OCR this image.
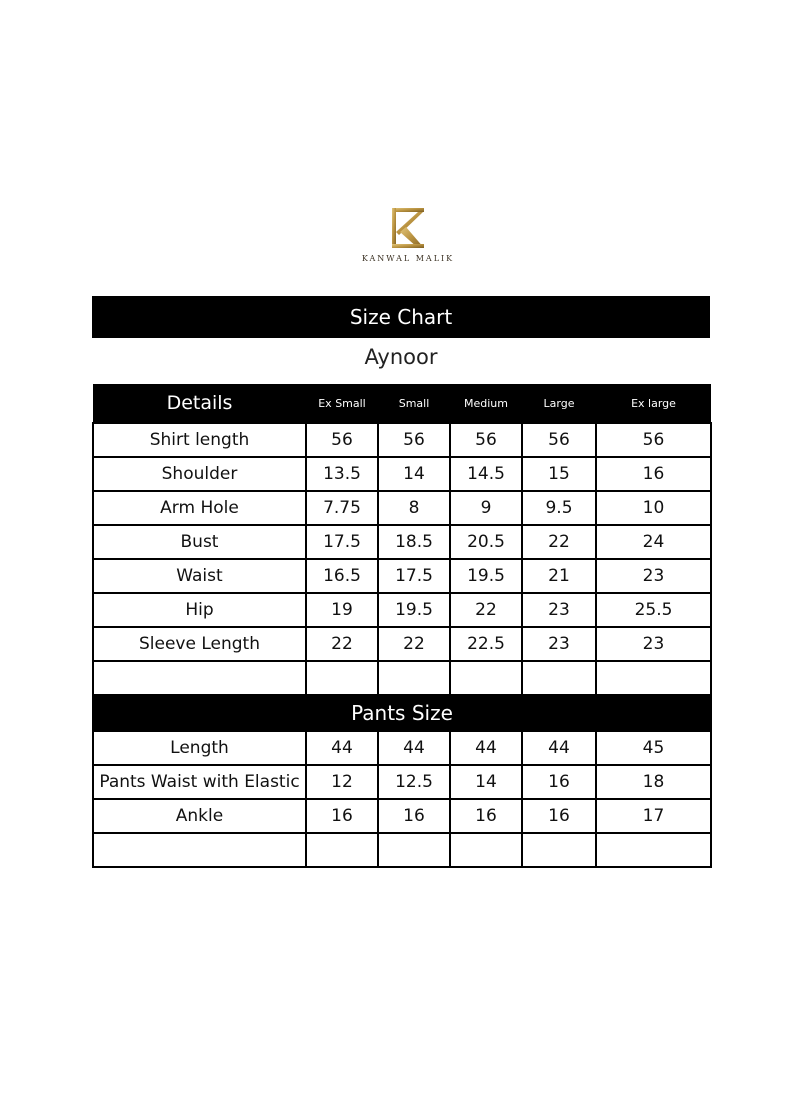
KANWAL MALIK
Size Chart
Aynoor
Details	Ex Small	Small	Medium	Large	Ex large
Shirt length	56	56	56	56	56
Shoulder	13.5	14	14.5	15	16
Arm Hole	7.75	8	9	9.5	10
Bust	17.5	18.5	20.5	22	24
Waist	16.5	17.5	19.5	21	23
Hip	19	19.5	22	23	25.5
Sleeve Length	22	22	22.5	23	23

Pants Size					
Length	44	44	44	44	45
Pants Waist with Elastic	12	12.5	14	16	18
Ankle	16	16	16	16	17
